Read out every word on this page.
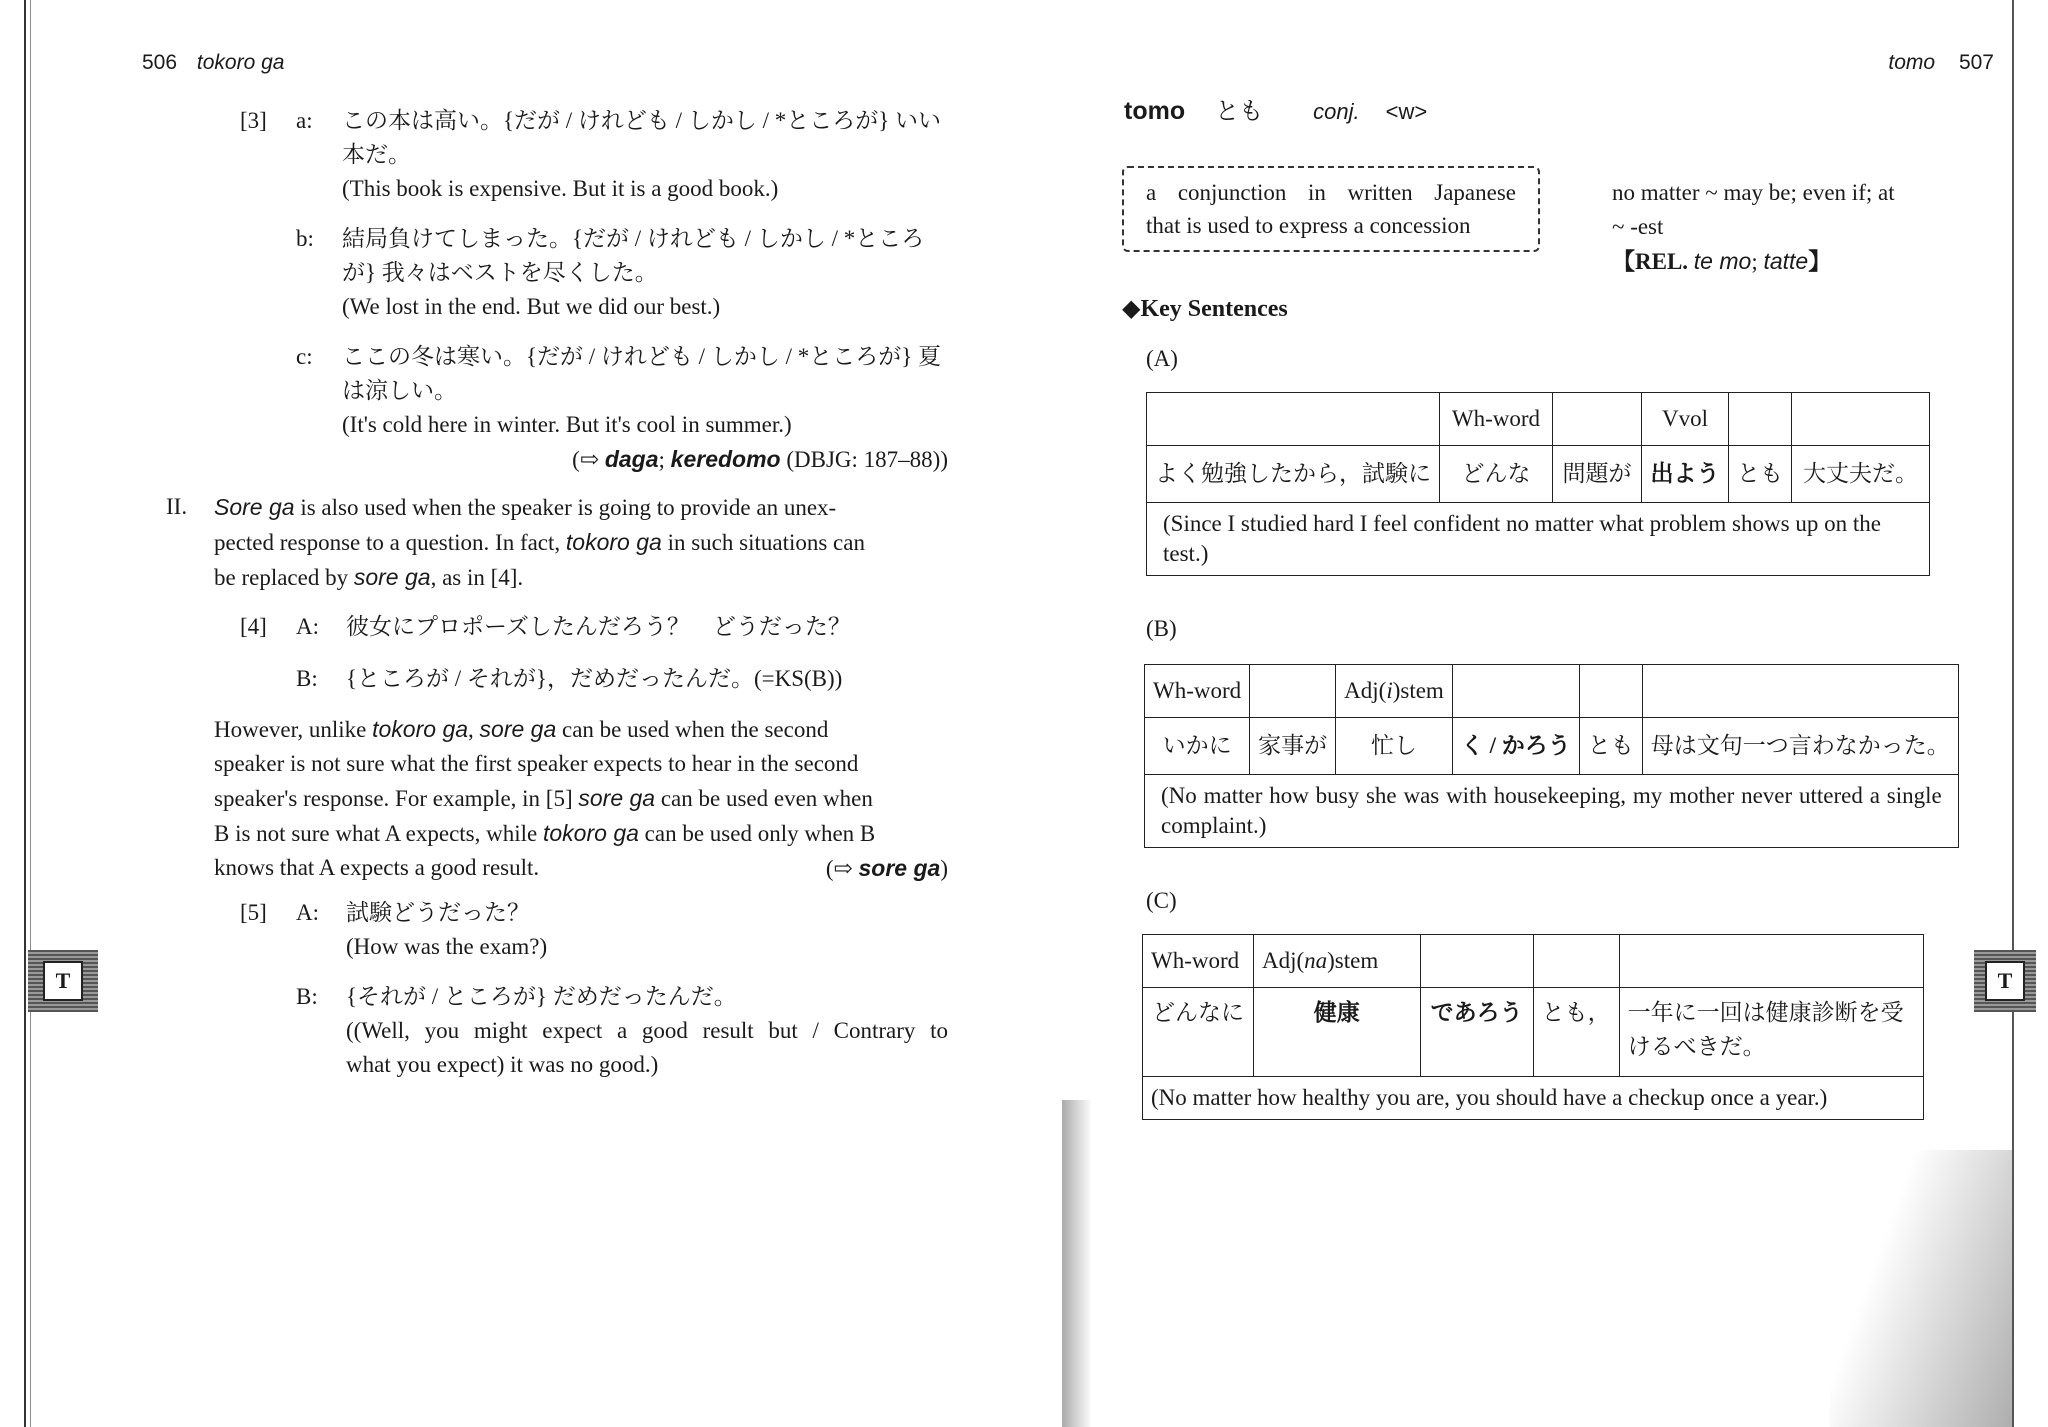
506 tokoro ga
[3]	a:	この本は高い。{だが / けれども / しかし / *ところが} いい
本だ。
(This book is expensive. But it is a good book.)
b:	結局負けてしまった。{だが / けれども / しかし / *ところ
が} 我々はベストを尽くした。
(We lost in the end. But we did our best.)
c:	ここの冬は寒い。{だが / けれども / しかし / *ところが} 夏
は涼しい。
(It's cold here in winter. But it's cool in summer.)
(⇨ daga; keredomo (DBJG: 187–88))
II. Sore ga is also used when the speaker is going to provide an unex-
pected response to a question. In fact, tokoro ga in such situations can
be replaced by sore ga, as in [4].
[4]	A:	彼女にプロポーズしたんだろう？　どうだった？
B:	{ところが / それが}，だめだったんだ。(=KS(B))
However, unlike tokoro ga, sore ga can be used when the second
speaker is not sure what the first speaker expects to hear in the second
speaker's response. For example, in [5] sore ga can be used even when
B is not sure what A expects, while tokoro ga can be used only when B
knows that A expects a good result.	(⇨ sore ga)
[5]	A:	試験どうだった？
(How was the exam?)
B:	{それが / ところが} だめだったんだ。
((Well, you might expect a good result but / Contrary to
what you expect) it was no good.)
T
tomo 507
tomo とも conj. <w>
a conjunction in written Japanese
that is used to express a concession
no matter ~ may be; even if; at
~ -est
【REL. te mo; tatte】
◆Key Sentences
(A)
	Wh-word		Vvol		
よく勉強したから，試験に	どんな	問題が	出よう	とも	大丈夫だ。
(Since I studied hard I feel confident no matter what problem shows up on the test.)					
(B)
Wh-word		Adj(i)stem			
いかに	家事が	忙し	く / かろう	とも	母は文句一つ言わなかった。
(No matter how busy she was with housekeeping, my mother never uttered a single complaint.)					
(C)
Wh-word	Adj(na)stem			
どんなに	健康	であろう	とも，	一年に一回は健康診断を受けるべきだ。
(No matter how healthy you are, you should have a checkup once a year.)				
T
